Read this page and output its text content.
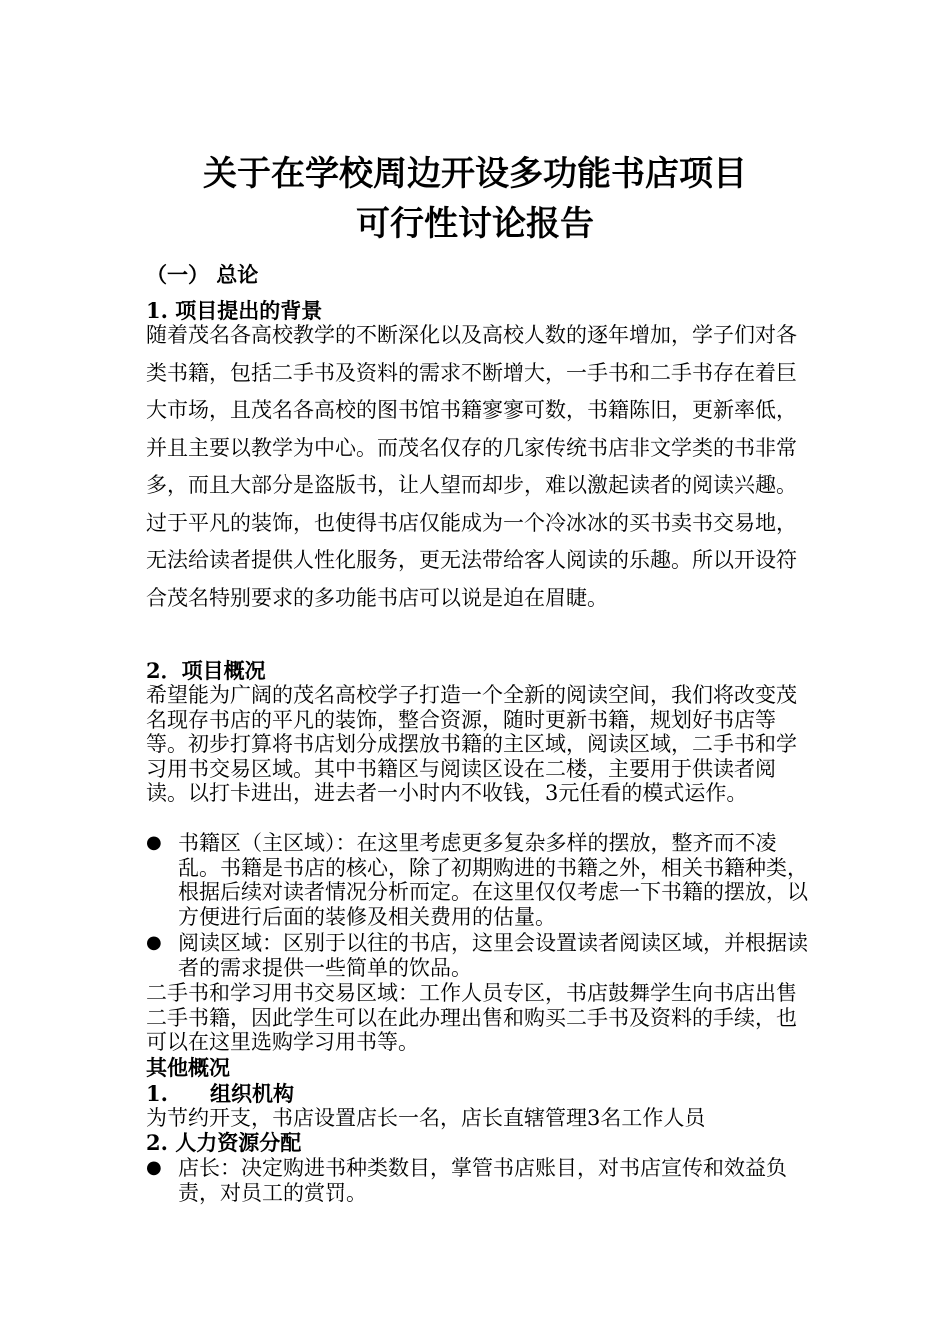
关于在学校周边开设多功能书店项目
可行性讨论报告
（一） 总论
1. 项目提出的背景

随着茂名各高校教学的不断深化以及高校人数的逐年增加，学子们对各类书籍，包括二手书及资料的需求不断增大，一手书和二手书存在着巨大市场，且茂名各高校的图书馆书籍寥寥可数，书籍陈旧，更新率低，并且主要以教学为中心。而茂名仅存的几家传统书店非文学类的书非常多，而且大部分是盗版书，让人望而却步，难以激起读者的阅读兴趣。过于平凡的装饰，也使得书店仅能成为一个冷冰冰的买书卖书交易地，无法给读者提供人性化服务，更无法带给客人阅读的乐趣。所以开设符合茂名特别要求的多功能书店可以说是迫在眉睫。

2．项目概况

希望能为广阔的茂名高校学子打造一个全新的阅读空间，我们将改变茂名现存书店的平凡的装饰，整合资源，随时更新书籍，规划好书店等等。初步打算将书店划分成摆放书籍的主区域，阅读区域，二手书和学习用书交易区域。其中书籍区与阅读区设在二楼，主要用于供读者阅读。以打卡进出，进去者一小时内不收钱，3元任看的模式运作。

● 书籍区（主区域）：在这里考虑更多复杂多样的摆放，整齐而不凌乱。书籍是书店的核心，除了初期购进的书籍之外，相关书籍种类，根据后续对读者情况分析而定。在这里仅仅考虑一下书籍的摆放，以方便进行后面的装修及相关费用的估量。
● 阅读区域：区别于以往的书店，这里会设置读者阅读区域，并根据读者的需求提供一些简单的饮品。

二手书和学习用书交易区域：工作人员专区，书店鼓舞学生向书店出售二手书籍，因此学生可以在此办理出售和购买二手书及资料的手续，也可以在这里选购学习用书等。

其他概况
1. 组织机构

为节约开支，书店设置店长一名，店长直辖管理3名工作人员

2. 人力资源分配
● 店长：决定购进书种类数目，掌管书店账目，对书店宣传和效益负责，对员工的赏罚。
